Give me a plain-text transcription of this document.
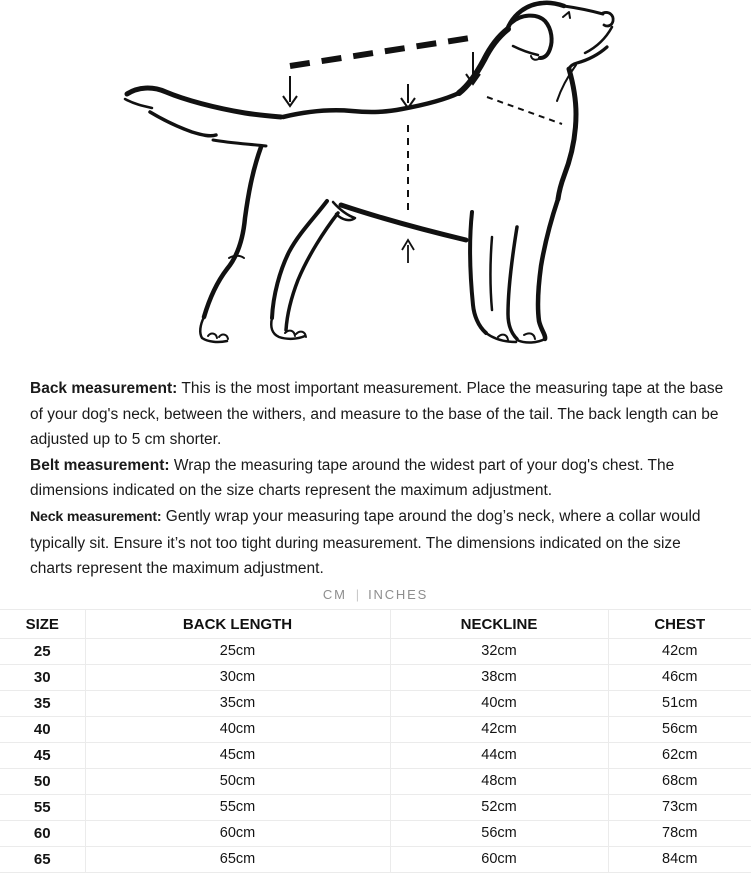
Back measurement: This is the most important measurement. Place the measuring tape at the base of your dog's neck, between the withers, and measure to the base of the tail. The back length can be adjusted up to 5 cm shorter.

Belt measurement: Wrap the measuring tape around the widest part of your dog's chest. The dimensions indicated on the size charts represent the maximum adjustment.

Neck measurement: Gently wrap your measuring tape around the dog’s neck, where a collar would typically sit. Ensure it’s not too tight during measurement. The dimensions indicated on the size charts represent the maximum adjustment.

CM | INCHES
SIZE	BACK LENGTH	NECKLINE	CHEST
25	25cm	32cm	42cm
30	30cm	38cm	46cm
35	35cm	40cm	51cm
40	40cm	42cm	56cm
45	45cm	44cm	62cm
50	50cm	48cm	68cm
55	55cm	52cm	73cm
60	60cm	56cm	78cm
65	65cm	60cm	84cm
